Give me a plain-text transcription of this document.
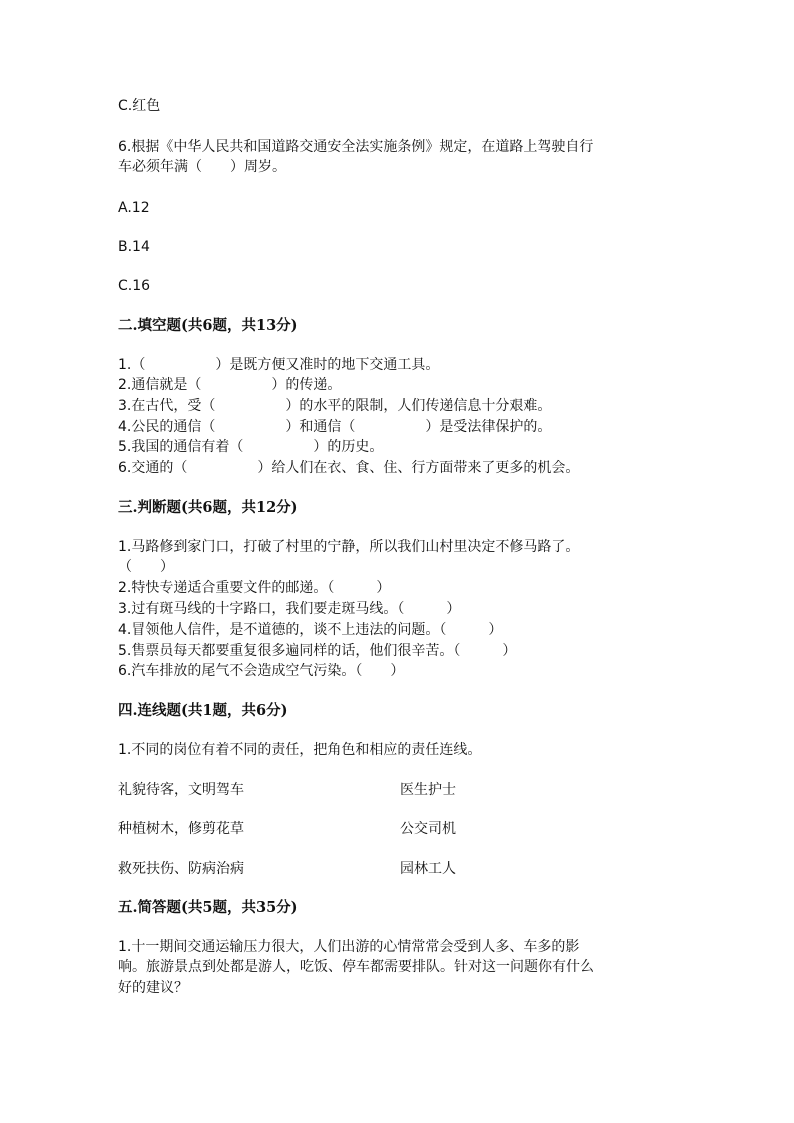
C.红色
6.根据《中华人民共和国道路交通安全法实施条例》规定，在道路上驾驶自行
车必须年满（　　）周岁。
A.12
B.14
C.16
二.填空题(共6题，共13分)
1.（　　　　　）是既方便又准时的地下交通工具。
2.通信就是（　　　　　）的传递。
3.在古代，受（　　　　　）的水平的限制，人们传递信息十分艰难。
4.公民的通信（　　　　　）和通信（　　　　　）是受法律保护的。
5.我国的通信有着（　　　　　）的历史。
6.交通的（　　　　　）给人们在衣、食、住、行方面带来了更多的机会。
三.判断题(共6题，共12分)
1.马路修到家门口，打破了村里的宁静，所以我们山村里决定不修马路了。
（　　）
2.特快专递适合重要文件的邮递。（　　　）
3.过有斑马线的十字路口，我们要走斑马线。（　　　）
4.冒领他人信件，是不道德的，谈不上违法的问题。（　　　）
5.售票员每天都要重复很多遍同样的话，他们很辛苦。（　　　）
6.汽车排放的尾气不会造成空气污染。（　　）
四.连线题(共1题，共6分)
1.不同的岗位有着不同的责任，把角色和相应的责任连线。
礼貌待客，文明驾车	医生护士
种植树木，修剪花草	公交司机
救死扶伤、防病治病	园林工人
五.简答题(共5题，共35分)
1.十一期间交通运输压力很大，人们出游的心情常常会受到人多、车多的影
响。旅游景点到处都是游人，吃饭、停车都需要排队。针对这一问题你有什么
好的建议？
